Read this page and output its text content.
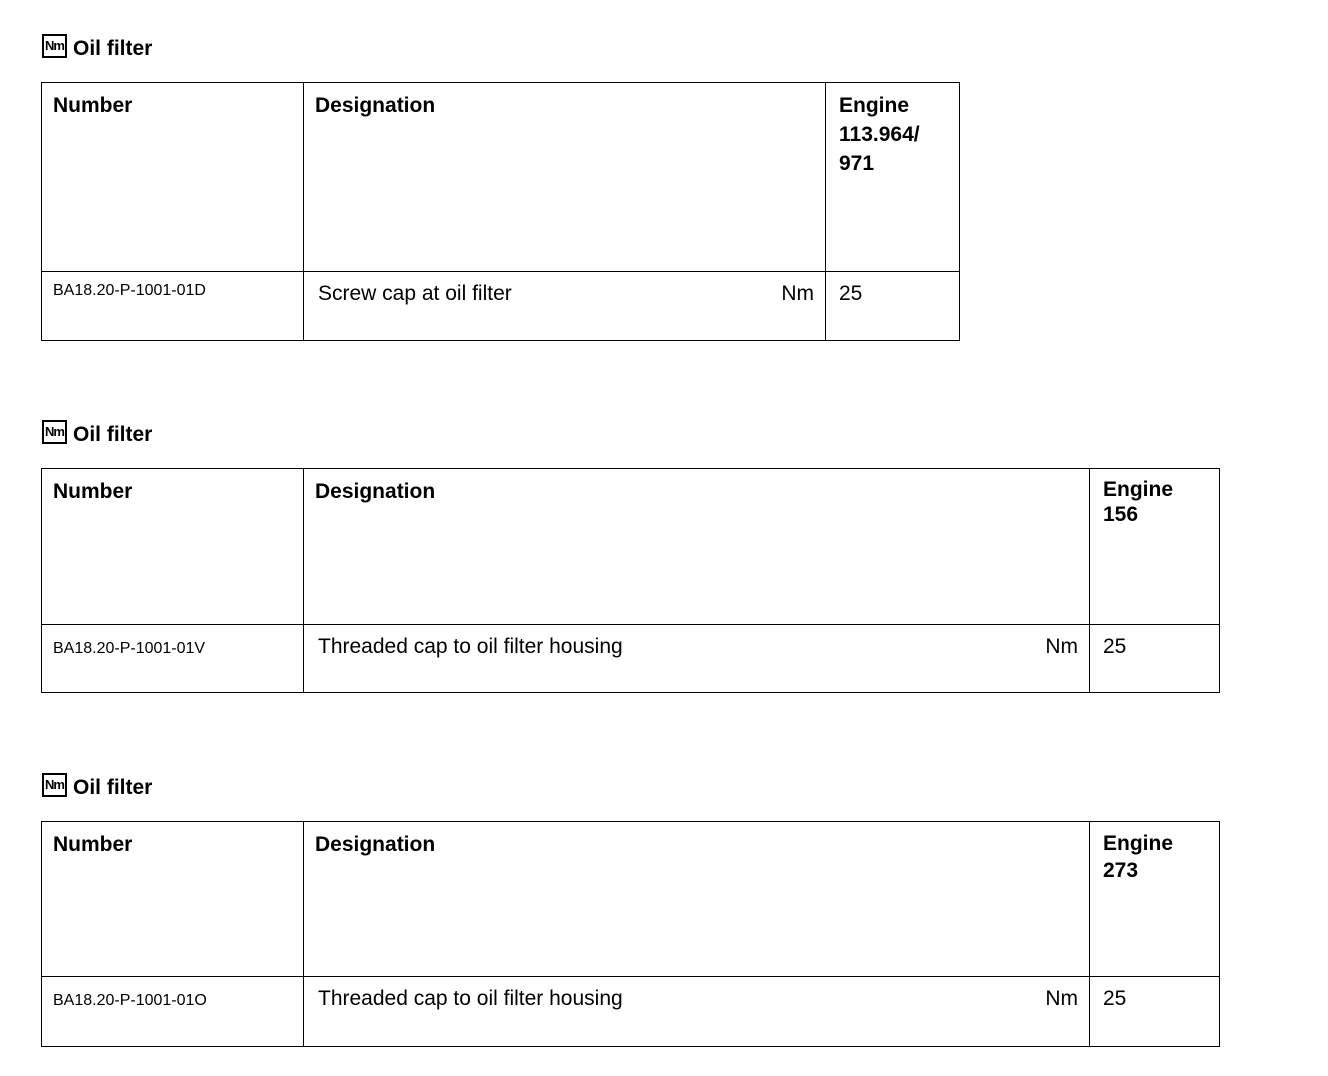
Nm Oil filter
Number	Designation	Engine
113.964/
971

BA18.20-P-1001-01D	Screw cap at oil filter Nm	25
Nm Oil filter
Number	Designation	Engine
156

BA18.20-P-1001-01V	Threaded cap to oil filter housing Nm	25
Nm Oil filter
Number	Designation	Engine
273

BA18.20-P-1001-01O	Threaded cap to oil filter housing Nm	25
